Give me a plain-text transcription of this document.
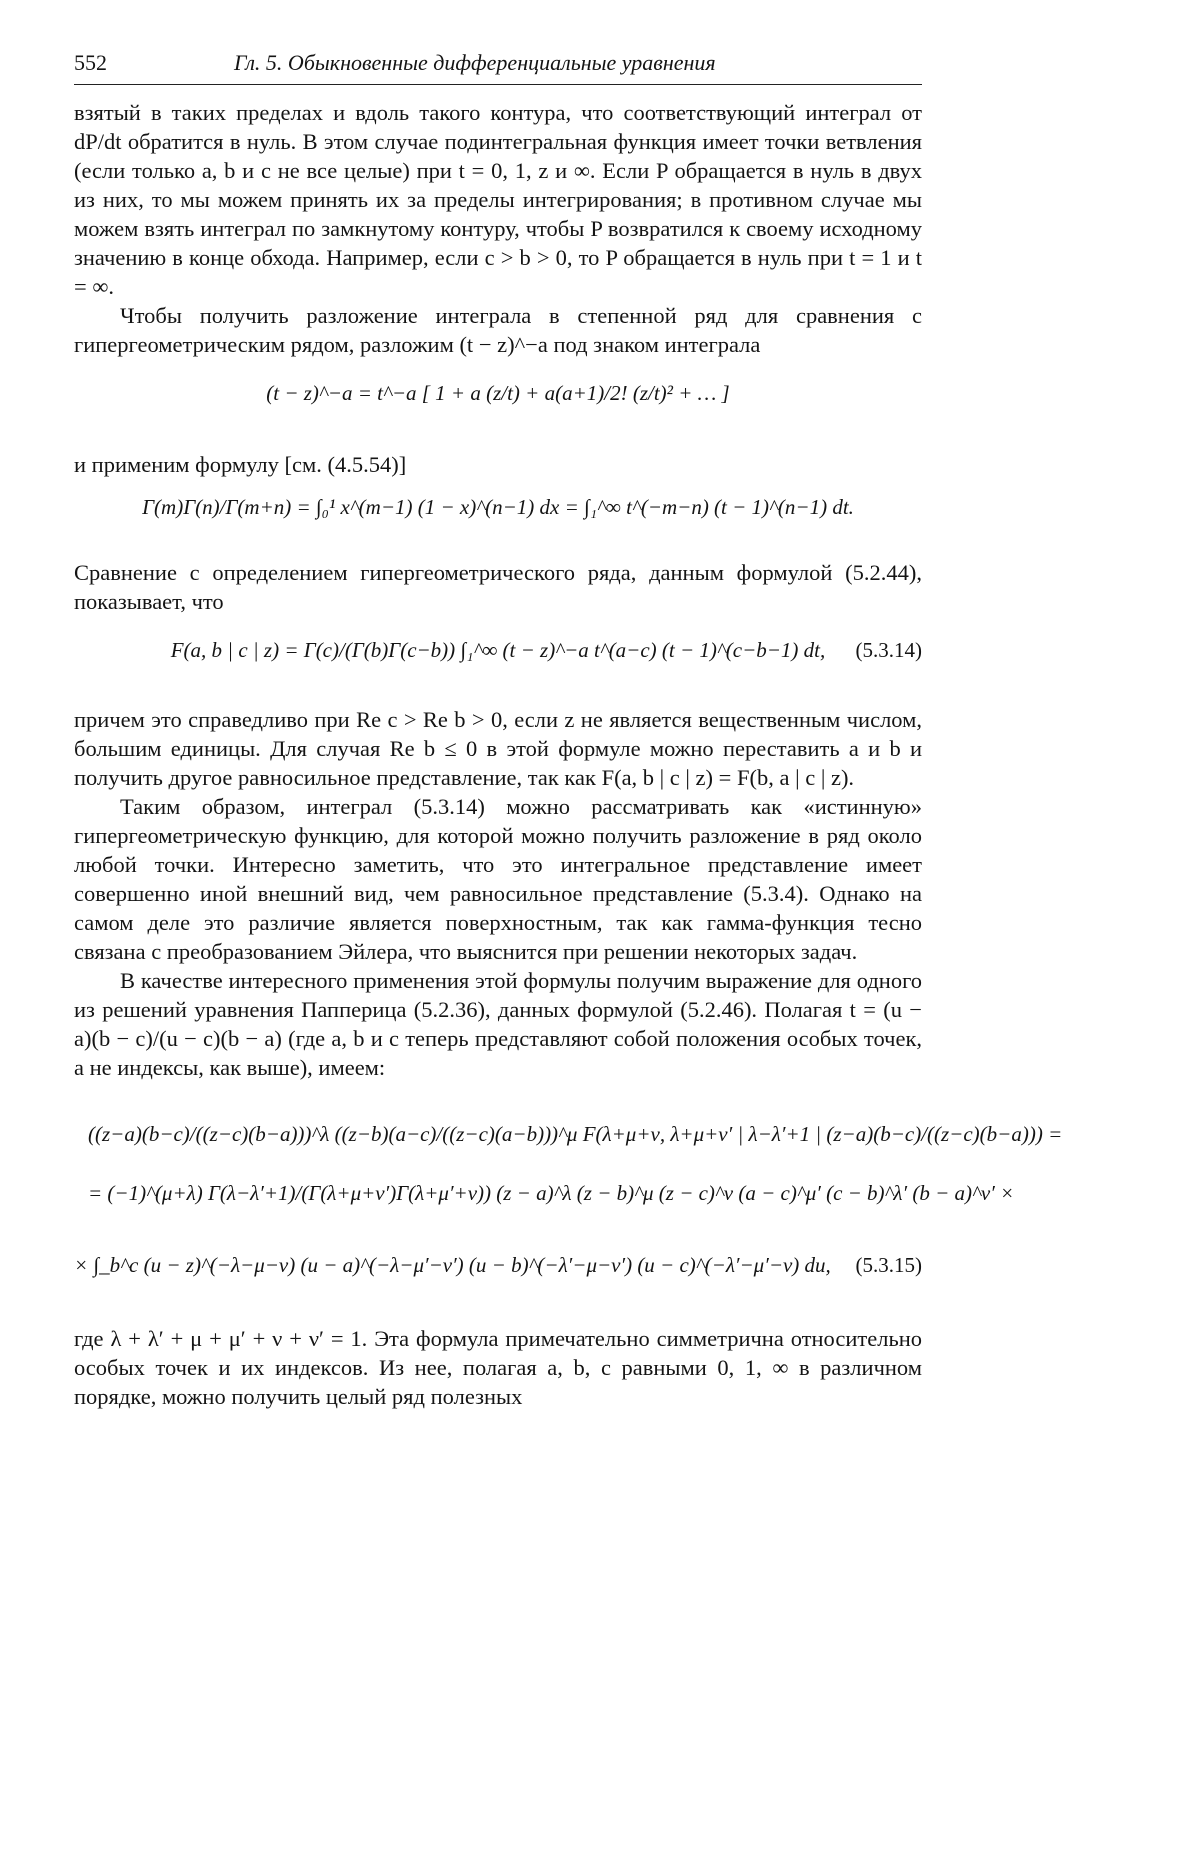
552	Гл. 5. Обыкновенные дифференциальные уравнения

взятый в таких пределах и вдоль такого контура, что соответствующий интеграл от dP/dt обратится в нуль. В этом случае подинтегральная функция имеет точки ветвления (если только a, b и c не все целые) при t = 0, 1, z и ∞. Если P обращается в нуль в двух из них, то мы можем принять их за пределы интегрирования; в противном случае мы можем взять интеграл по замкнутому контуру, чтобы P возвратился к своему исходному значению в конце обхода. Например, если c > b > 0, то P обращается в нуль при t = 1 и t = ∞.

Чтобы получить разложение интеграла в степенной ряд для сравнения с гипергеометрическим рядом, разложим (t − z)^−a под знаком интеграла

(t − z)^−a = t^−a [ 1 + a (z/t) + a(a+1)/2! (z/t)² + … ]

и применим формулу [см. (4.5.54)]

Γ(m)Γ(n)/Γ(m+n) = ∫₀¹ x^(m−1) (1 − x)^(n−1) dx = ∫₁^∞ t^(−m−n) (t − 1)^(n−1) dt.

Сравнение с определением гипергеометрического ряда, данным формулой (5.2.44), показывает, что

F(a, b | c | z) = Γ(c)/(Γ(b)Γ(c−b)) ∫₁^∞ (t − z)^−a t^(a−c) (t − 1)^(c−b−1) dt, (5.3.14)

причем это справедливо при Re c > Re b > 0, если z не является вещественным числом, большим единицы. Для случая Re b ≤ 0 в этой формуле можно переставить a и b и получить другое равносильное представление, так как F(a, b | c | z) = F(b, a | c | z).

Таким образом, интеграл (5.3.14) можно рассматривать как «истинную» гипергеометрическую функцию, для которой можно получить разложение в ряд около любой точки. Интересно заметить, что это интегральное представление имеет совершенно иной внешний вид, чем равносильное представление (5.3.4). Однако на самом деле это различие является поверхностным, так как гамма-функция тесно связана с преобразованием Эйлера, что выяснится при решении некоторых задач.

В качестве интересного применения этой формулы получим выражение для одного из решений уравнения Папперица (5.2.36), данных формулой (5.2.46). Полагая t = (u − a)(b − c)/(u − c)(b − a) (где a, b и c теперь представляют собой положения особых точек, а не индексы, как выше), имеем:

((z−a)(b−c)/((z−c)(b−a)))^λ ((z−b)(a−c)/((z−c)(a−b)))^μ F(λ+μ+ν, λ+μ+ν′ | λ−λ′+1 | (z−a)(b−c)/((z−c)(b−a))) =
= (−1)^(μ+λ) Γ(λ−λ′+1)/(Γ(λ+μ+ν′)Γ(λ+μ′+ν)) (z − a)^λ (z − b)^μ (z − c)^ν (a − c)^μ′ (c − b)^λ′ (b − a)^ν′ ×
× ∫_b^c (u − z)^(−λ−μ−ν) (u − a)^(−λ−μ′−ν′) (u − b)^(−λ′−μ−ν′) (u − c)^(−λ′−μ′−ν) du, (5.3.15)

где λ + λ′ + μ + μ′ + ν + ν′ = 1. Эта формула примечательно симметрична относительно особых точек и их индексов. Из нее, полагая a, b, c равными 0, 1, ∞ в различном порядке, можно получить целый ряд полезных
